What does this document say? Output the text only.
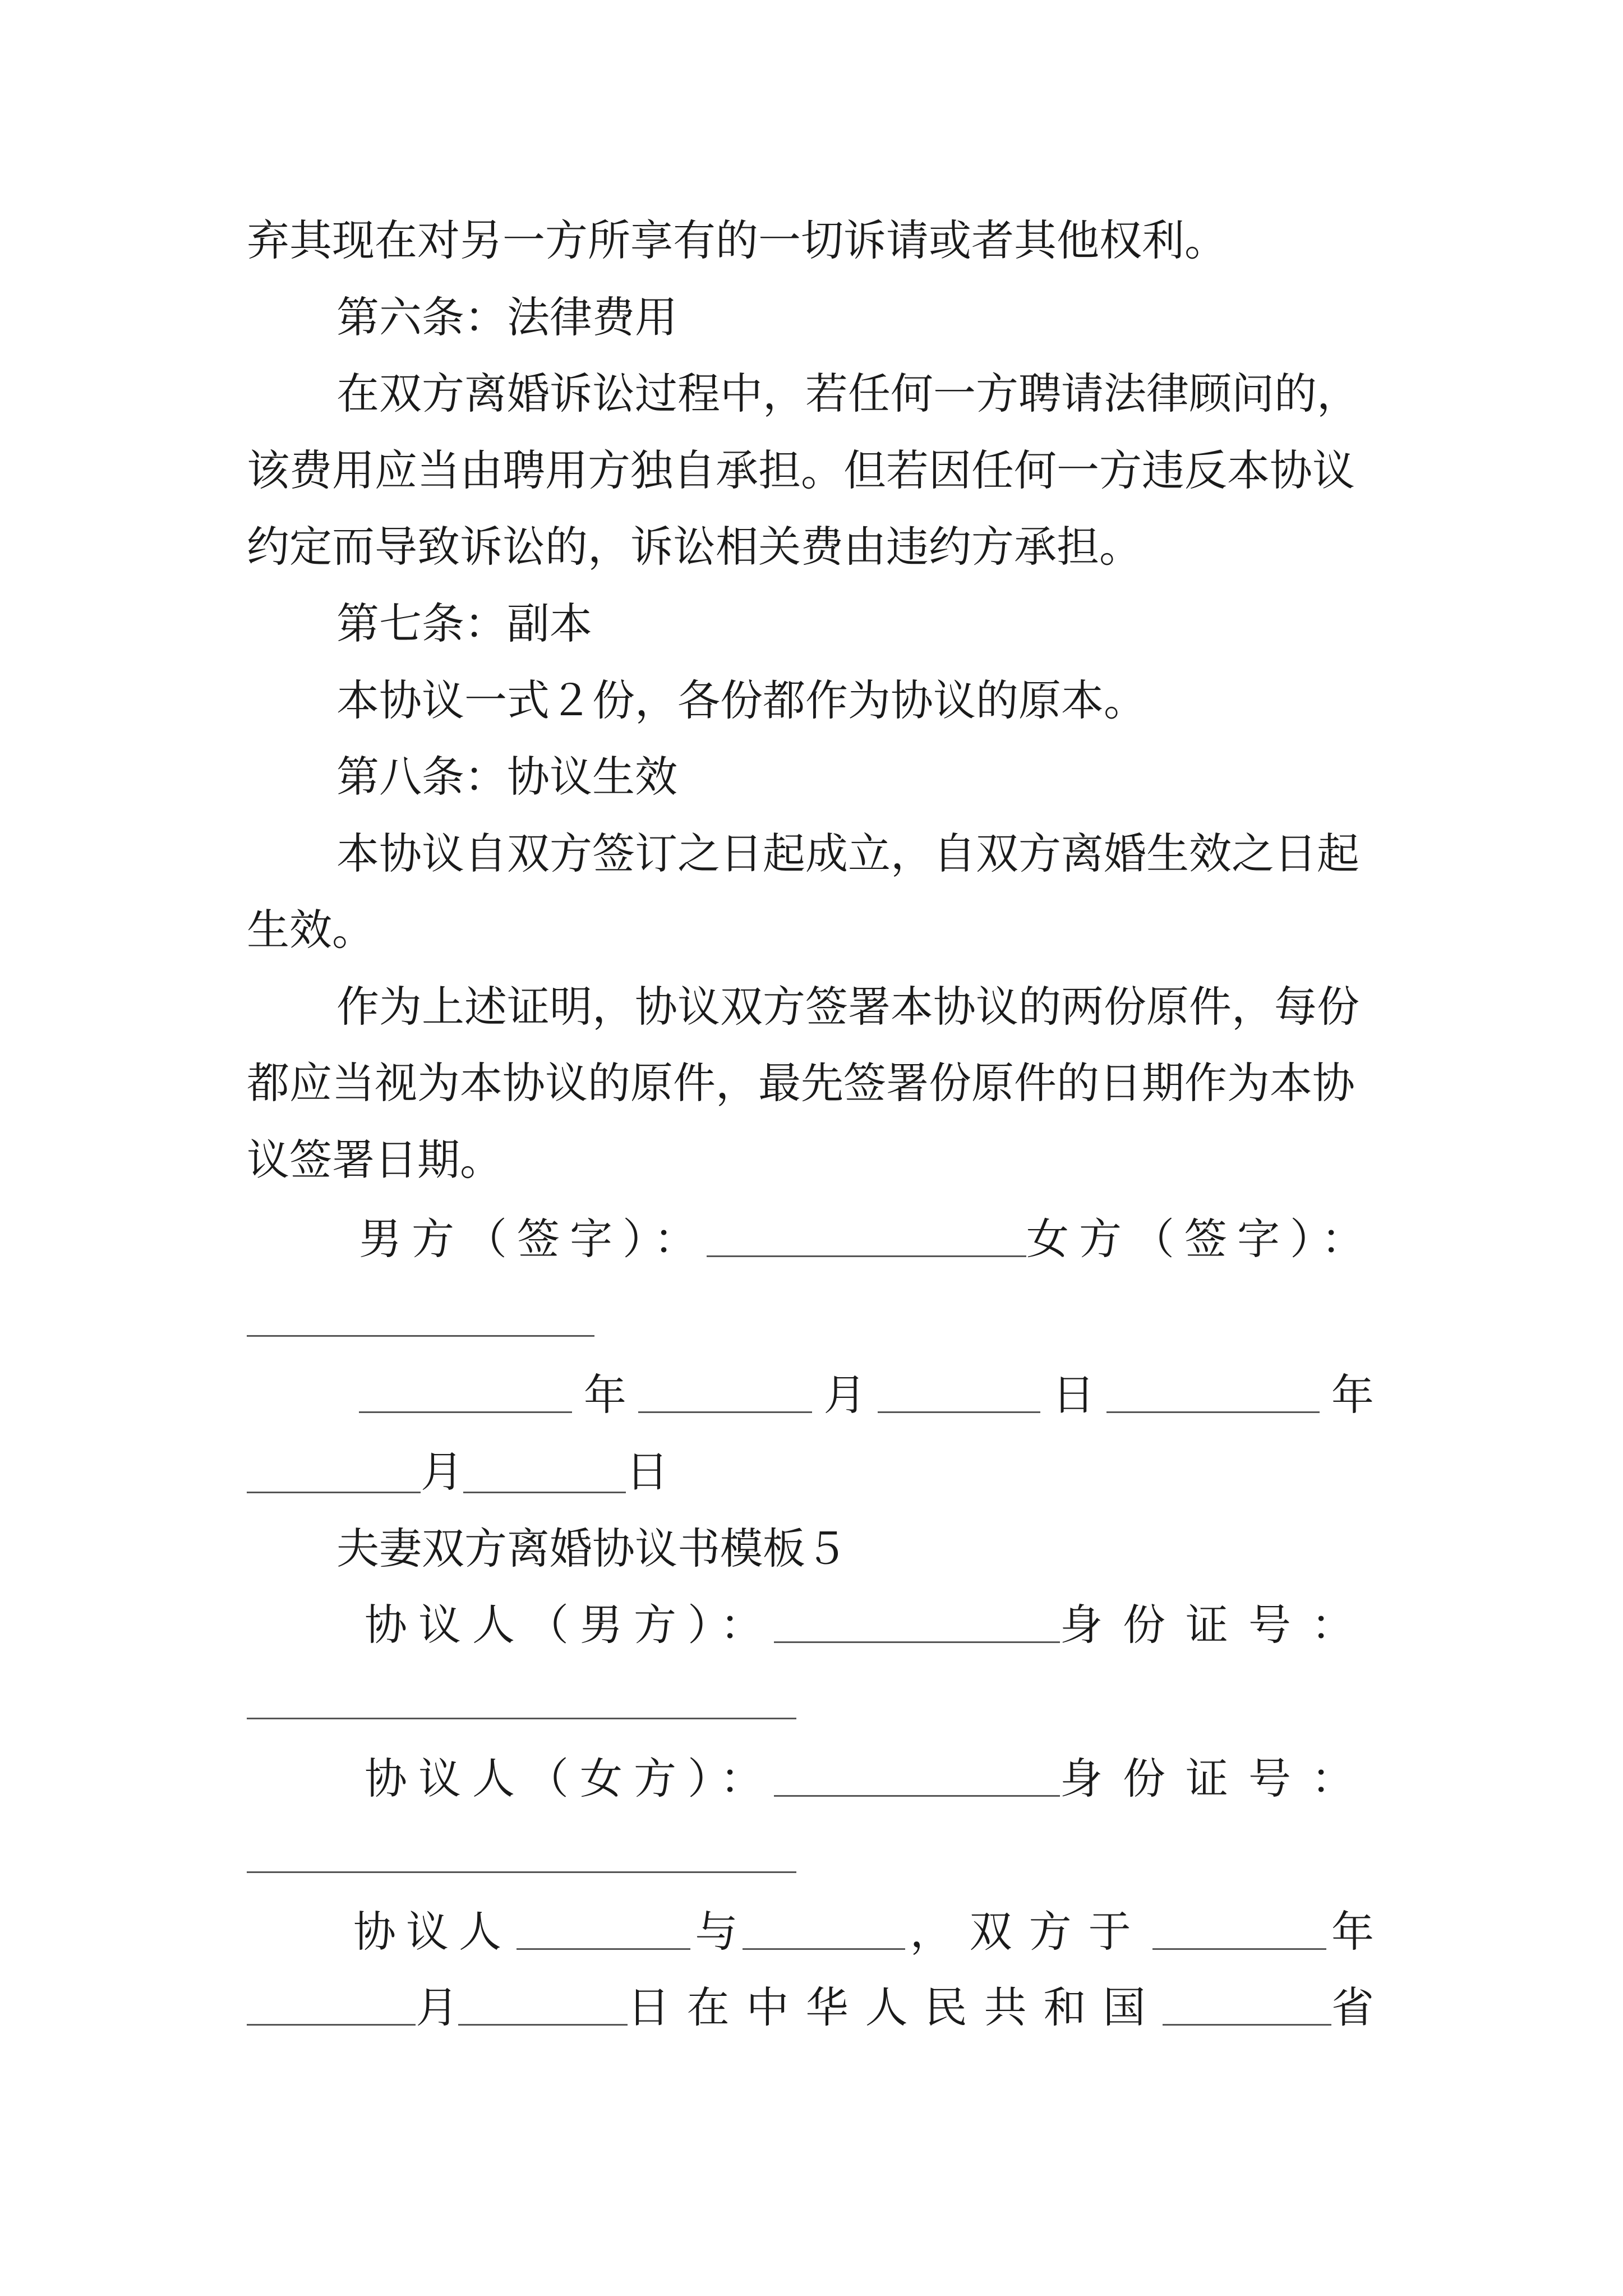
弃其现在对另一方所享有的一切诉请或者其他权利。
第六条：法律费用
在双方离婚诉讼过程中，若任何一方聘请法律顾问的，
该费用应当由聘用方独自承担。但若因任何一方违反本协议
约定而导致诉讼的，诉讼相关费由违约方承担。
第七条：副本
本协议一式２份，各份都作为协议的原本。
第八条：协议生效
本协议自双方签订之日起成立，自双方离婚生效之日起
生效。
作为上述证明，协议双方签署本协议的两份原件，每份
都应当视为本协议的原件，最先签署份原件的日期作为本协
议签署日期。
男方（签字）：	女方（签字）：
年	月	日	年
月	日
夫妻双方离婚协议书模板５
协议人（男方）：	身份证号：
协议人（女方）：	身份证号：
协议人	与	，双方于	年
月	日在中华人民共和国	省
